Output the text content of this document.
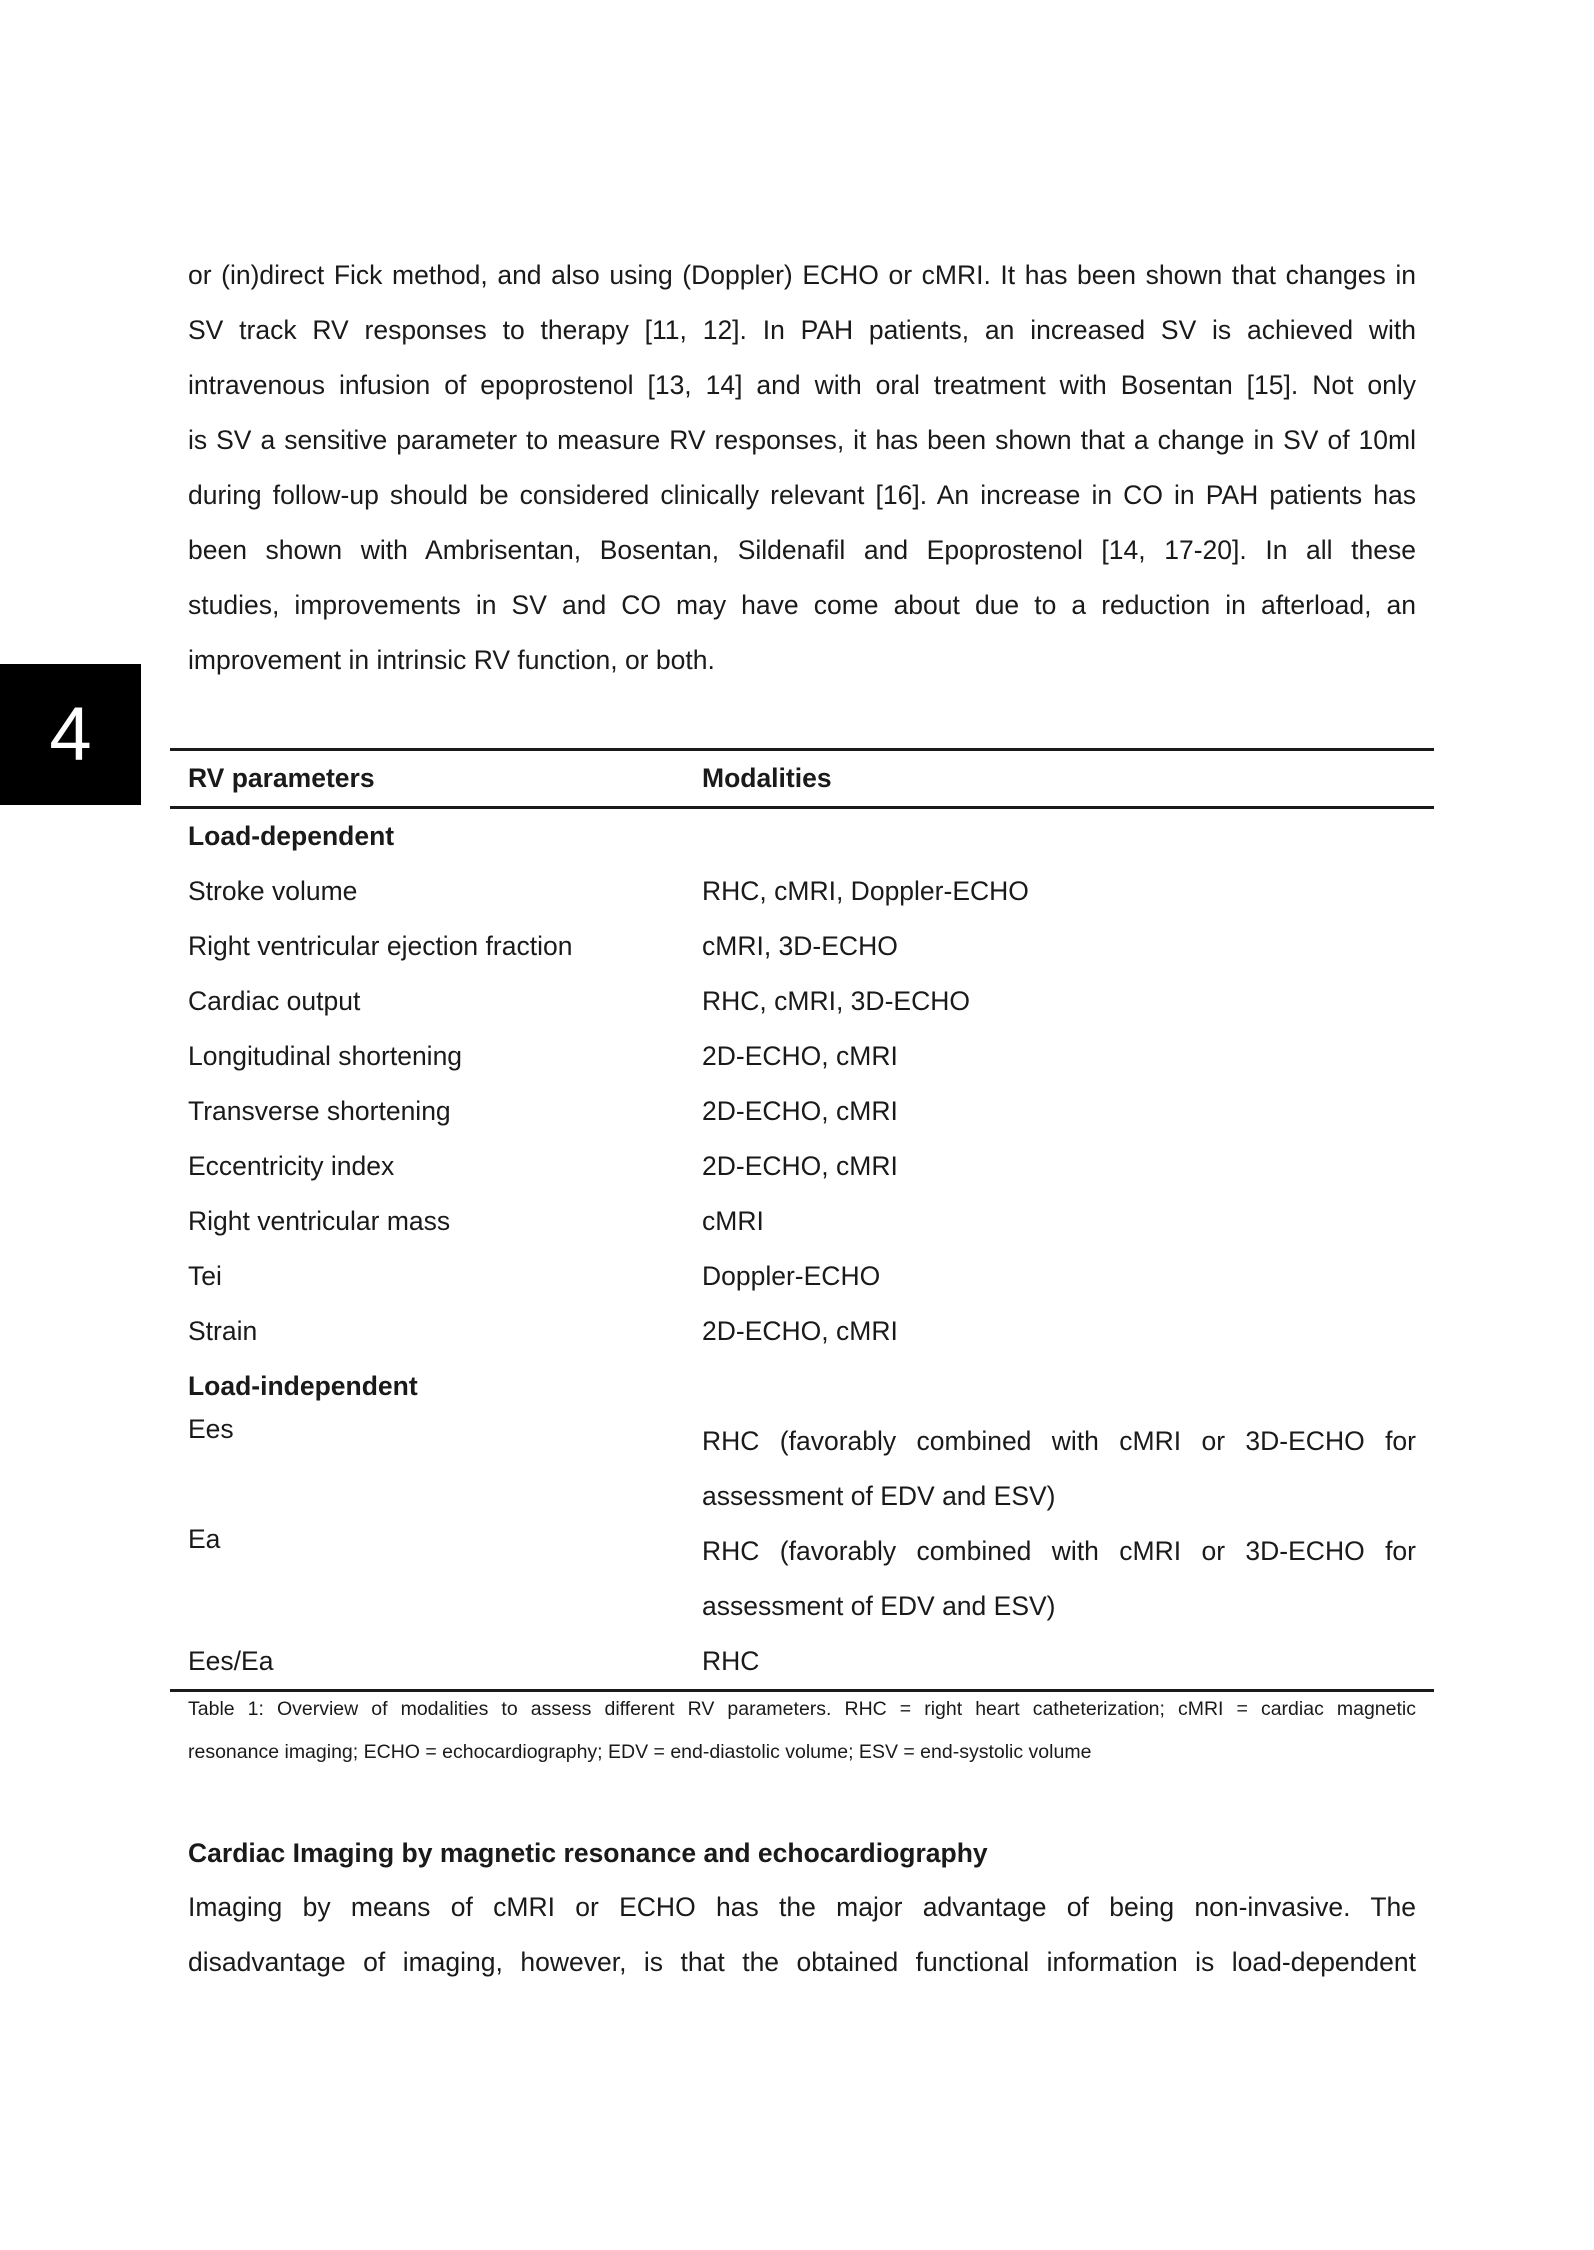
4
or (in)direct Fick method, and also using (Doppler) ECHO or cMRI. It has been shown that changes in
SV track RV responses to therapy [11, 12]. In PAH patients, an increased SV is achieved with
intravenous infusion of epoprostenol [13, 14] and with oral treatment with Bosentan [15]. Not only
is SV a sensitive parameter to measure RV responses, it has been shown that a change in SV of 10ml
during follow-up should be considered clinically relevant [16]. An increase in CO in PAH patients has
been shown with Ambrisentan, Bosentan, Sildenafil and Epoprostenol [14, 17-20]. In all these
studies, improvements in SV and CO may have come about due to a reduction in afterload, an
improvement in intrinsic RV function, or both.
RV parameters	Modalities
Load-dependent	
Stroke volume	RHC, cMRI, Doppler-ECHO
Right ventricular ejection fraction	cMRI, 3D-ECHO
Cardiac output	RHC, cMRI, 3D-ECHO
Longitudinal shortening	2D-ECHO, cMRI
Transverse shortening	2D-ECHO, cMRI
Eccentricity index	2D-ECHO, cMRI
Right ventricular mass	cMRI
Tei	Doppler-ECHO
Strain	2D-ECHO, cMRI
Load-independent	
Ees	RHC (favorably combined with cMRI or 3D-ECHO for assessment of EDV and ESV)
Ea	RHC (favorably combined with cMRI or 3D-ECHO for assessment of EDV and ESV)
Ees/Ea	RHC
Table 1: Overview of modalities to assess different RV parameters. RHC = right heart catheterization; cMRI = cardiac magnetic
resonance imaging; ECHO = echocardiography; EDV = end-diastolic volume; ESV = end-systolic volume
Cardiac Imaging by magnetic resonance and echocardiography
Imaging by means of cMRI or ECHO has the major advantage of being non-invasive. The
disadvantage of imaging, however, is that the obtained functional information is load-dependent
